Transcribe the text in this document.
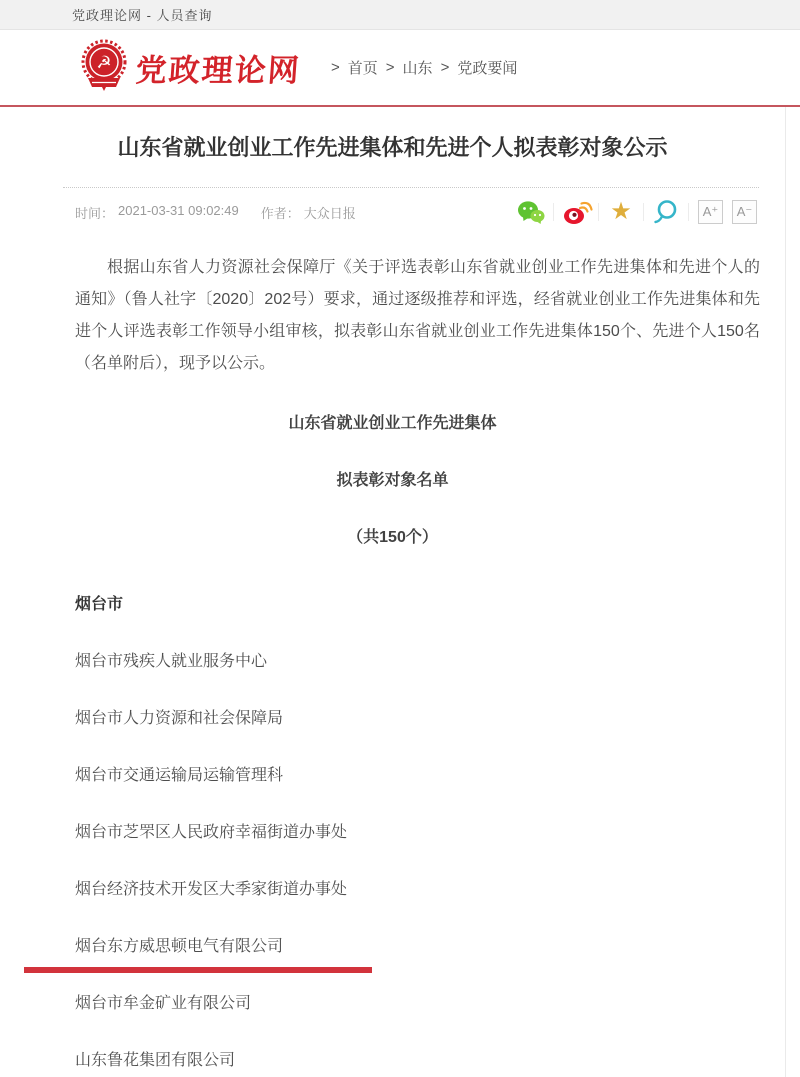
党政理论网 - 人员查询
☭ 党政理论网 > 首页 > 山东 > 党政要闻
山东省就业创业工作先进集体和先进个人拟表彰对象公示
时间： 2021-03-31 09:02:49 作者： 大众日报	★	A⁺	A⁻

根据山东省人力资源社会保障厅《关于评选表彰山东省就业创业工作先进集体和先进个人的通知》（鲁人社字〔2020〕202号）要求，通过逐级推荐和评选，经省就业创业工作先进集体和先进个人评选表彰工作领导小组审核，拟表彰山东省就业创业工作先进集体150个、先进个人150名（名单附后），现予以公示。

山东省就业创业工作先进集体
拟表彰对象名单
（共150个）
烟台市
烟台市残疾人就业服务中心
烟台市人力资源和社会保障局
烟台市交通运输局运输管理科
烟台市芝罘区人民政府幸福街道办事处
烟台经济技术开发区大季家街道办事处
烟台东方威思顿电气有限公司
烟台市牟金矿业有限公司
山东鲁花集团有限公司
